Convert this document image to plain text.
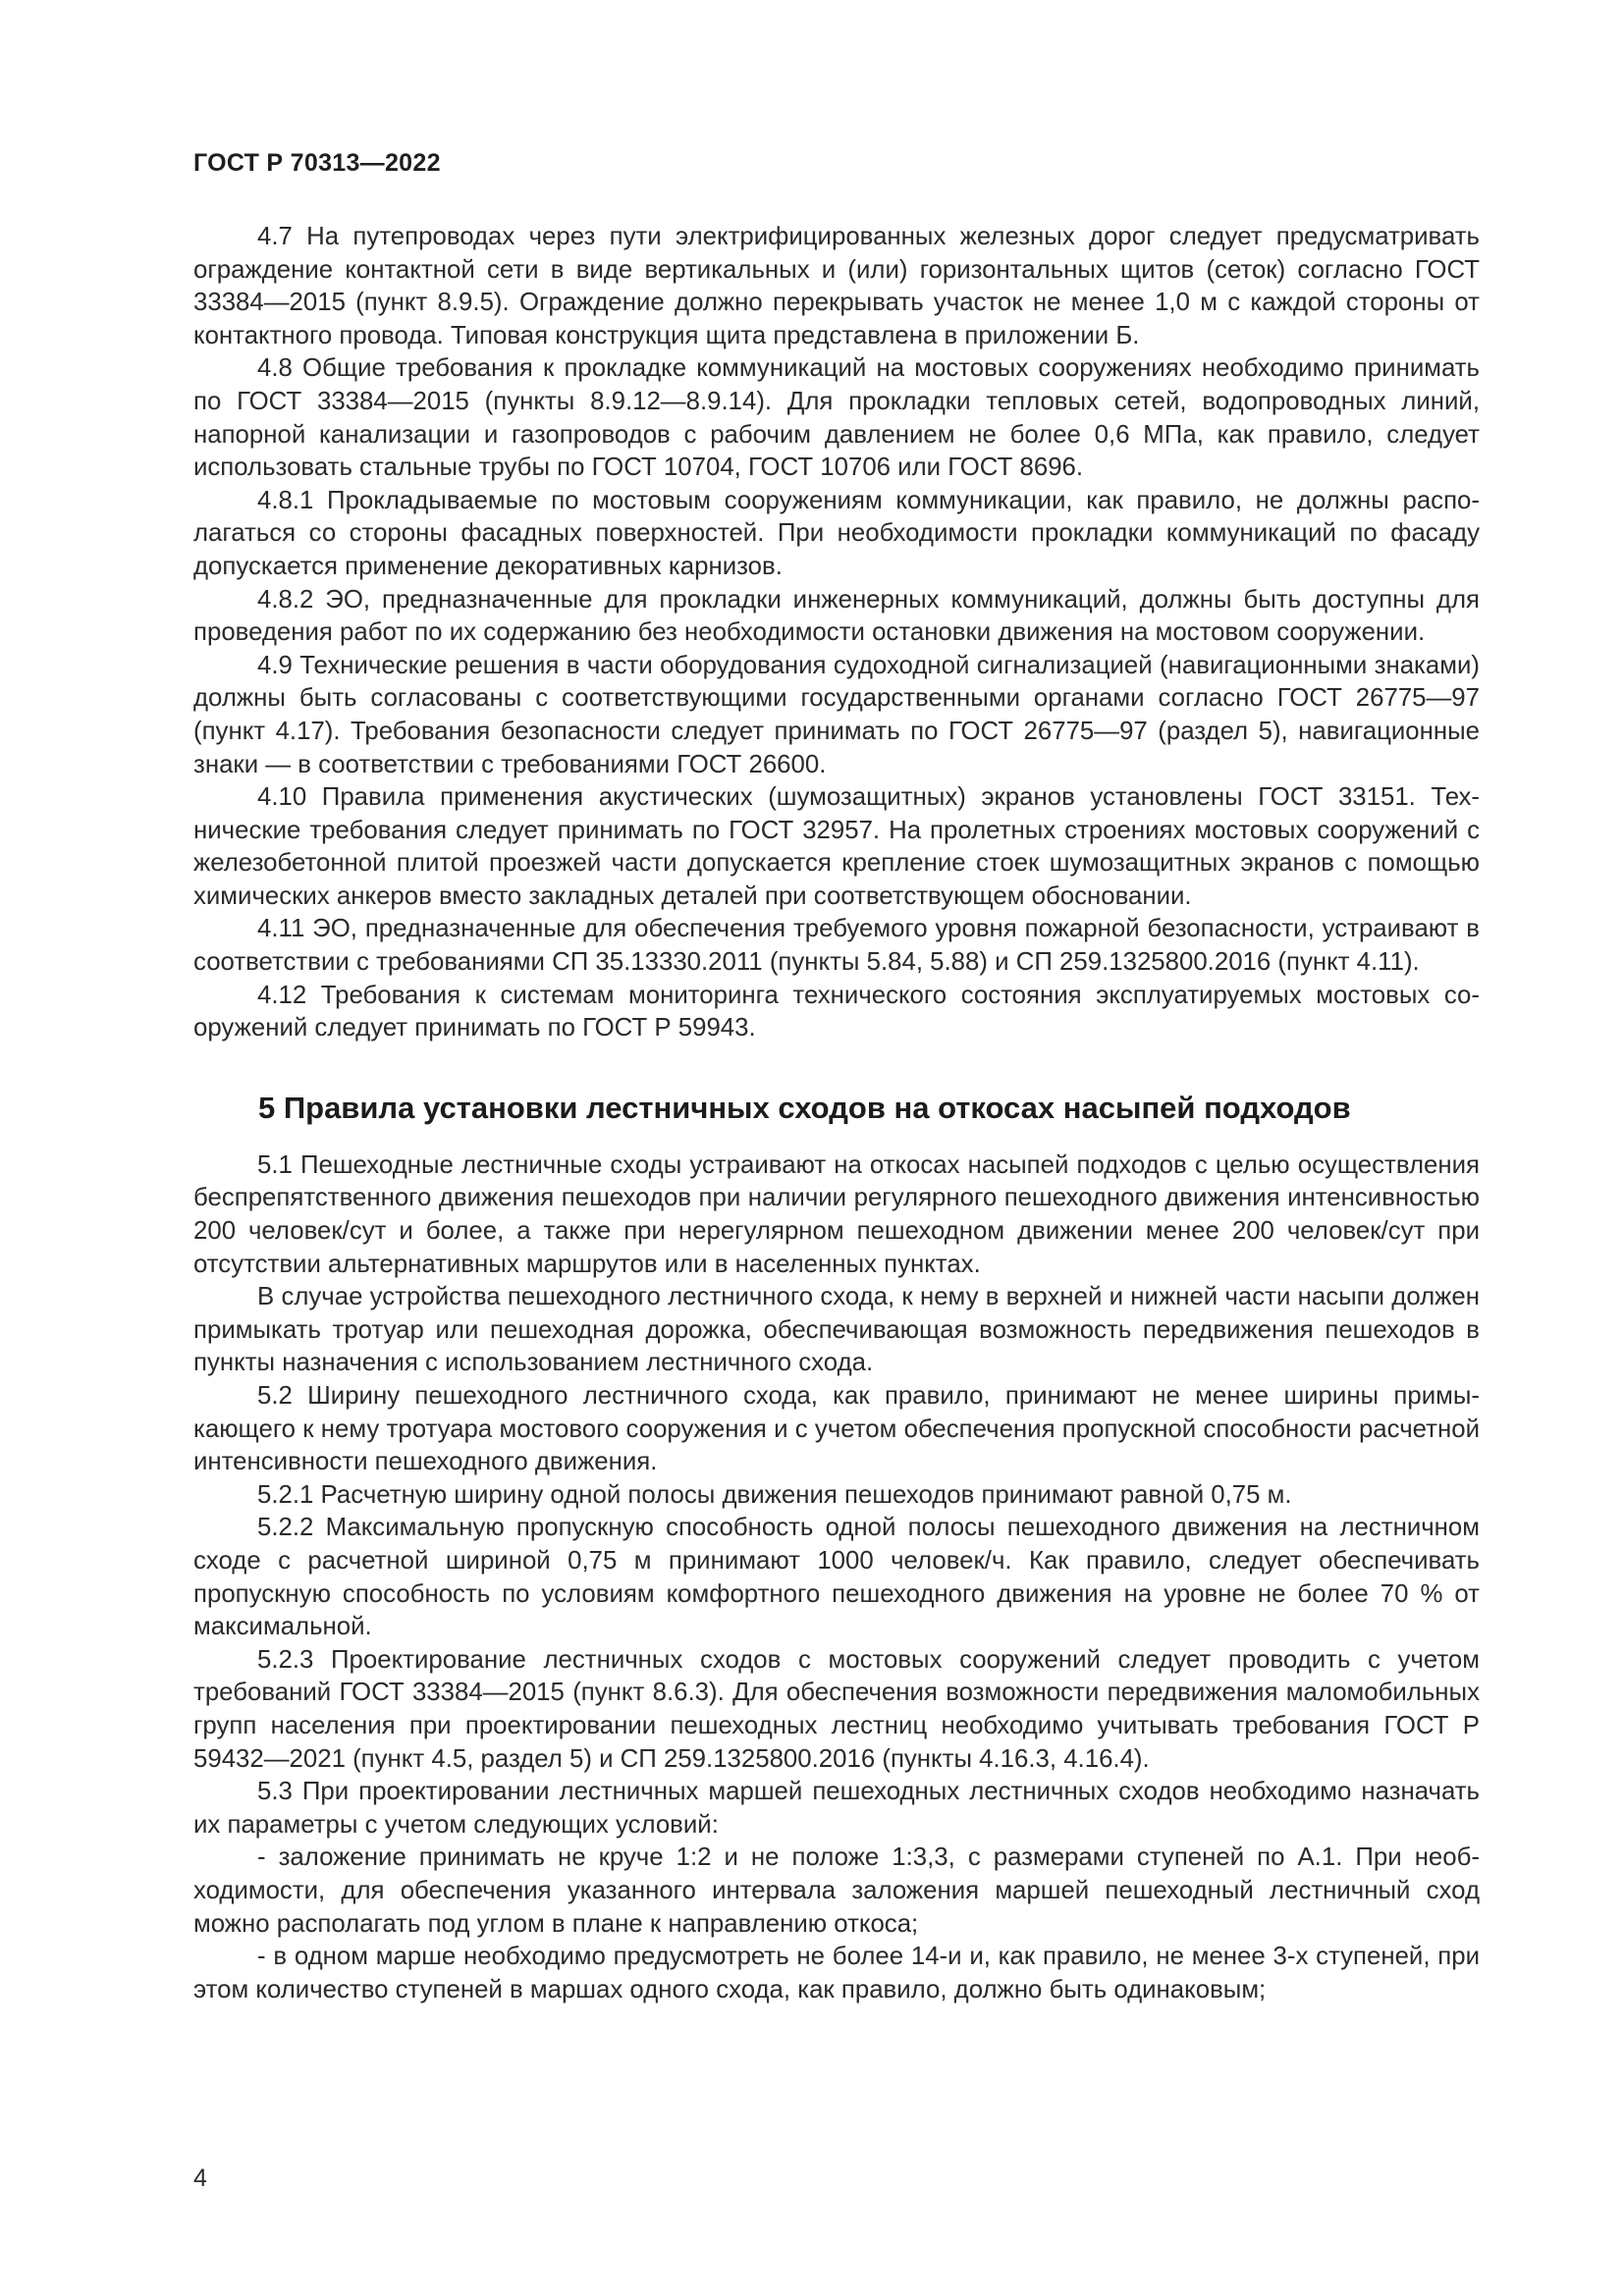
ГОСТ Р 70313—2022

4.7 На путепроводах через пути электрифицированных железных дорог следует предусматривать ограждение контактной сети в виде вертикальных и (или) горизонтальных щитов (сеток) согласно ГОСТ 33384—2015 (пункт 8.9.5). Ограждение должно перекрывать участок не менее 1,0 м с каждой стороны от контактного провода. Типовая конструкция щита представлена в приложении Б.

4.8 Общие требования к прокладке коммуникаций на мостовых сооружениях необходимо принимать по ГОСТ 33384—2015 (пункты 8.9.12—8.9.14). Для прокладки тепловых сетей, водопроводных линий, напорной канализации и газопроводов с рабочим давлением не более 0,6 МПа, как правило, следует использовать стальные трубы по ГОСТ 10704, ГОСТ 10706 или ГОСТ 8696.

4.8.1 Прокладываемые по мостовым сооружениям коммуникации, как правило, не должны располагаться со стороны фасадных поверхностей. При необходимости прокладки коммуникаций по фасаду допускается применение декоративных карнизов.

4.8.2 ЭО, предназначенные для прокладки инженерных коммуникаций, должны быть доступны для проведения работ по их содержанию без необходимости остановки движения на мостовом сооружении.

4.9 Технические решения в части оборудования судоходной сигнализацией (навигационными знаками) должны быть согласованы с соответствующими государственными органами согласно ГОСТ 26775—97 (пункт 4.17). Требования безопасности следует принимать по ГОСТ 26775—97 (раздел 5), навигационные знаки — в соответствии с требованиями ГОСТ 26600.

4.10 Правила применения акустических (шумозащитных) экранов установлены ГОСТ 33151. Технические требования следует принимать по ГОСТ 32957. На пролетных строениях мостовых сооружений с железобетонной плитой проезжей части допускается крепление стоек шумозащитных экранов с помощью химических анкеров вместо закладных деталей при соответствующем обосновании.

4.11 ЭО, предназначенные для обеспечения требуемого уровня пожарной безопасности, устраивают в соответствии с требованиями СП 35.13330.2011 (пункты 5.84, 5.88) и СП 259.1325800.2016 (пункт 4.11).

4.12 Требования к системам мониторинга технического состояния эксплуатируемых мостовых сооружений следует принимать по ГОСТ Р 59943.

5 Правила установки лестничных сходов на откосах насыпей подходов

5.1 Пешеходные лестничные сходы устраивают на откосах насыпей подходов с целью осуществления беспрепятственного движения пешеходов при наличии регулярного пешеходного движения интенсивностью 200 человек/сут и более, а также при нерегулярном пешеходном движении менее 200 человек/сут при отсутствии альтернативных маршрутов или в населенных пунктах.

В случае устройства пешеходного лестничного схода, к нему в верхней и нижней части насыпи должен примыкать тротуар или пешеходная дорожка, обеспечивающая возможность передвижения пешеходов в пункты назначения с использованием лестничного схода.

5.2 Ширину пешеходного лестничного схода, как правило, принимают не менее ширины примыкающего к нему тротуара мостового сооружения и с учетом обеспечения пропускной способности расчетной интенсивности пешеходного движения.

5.2.1 Расчетную ширину одной полосы движения пешеходов принимают равной 0,75 м.

5.2.2 Максимальную пропускную способность одной полосы пешеходного движения на лестничном сходе с расчетной шириной 0,75 м принимают 1000 человек/ч. Как правило, следует обеспечивать пропускную способность по условиям комфортного пешеходного движения на уровне не более 70 % от максимальной.

5.2.3 Проектирование лестничных сходов с мостовых сооружений следует проводить с учетом требований ГОСТ 33384—2015 (пункт 8.6.3). Для обеспечения возможности передвижения маломобильных групп населения при проектировании пешеходных лестниц необходимо учитывать требования ГОСТ Р 59432—2021 (пункт 4.5, раздел 5) и СП 259.1325800.2016 (пункты 4.16.3, 4.16.4).

5.3 При проектировании лестничных маршей пешеходных лестничных сходов необходимо назначать их параметры с учетом следующих условий:

- заложение принимать не круче 1:2 и не положе 1:3,3, с размерами ступеней по А.1. При необходимости, для обеспечения указанного интервала заложения маршей пешеходный лестничный сход можно располагать под углом в плане к направлению откоса;

- в одном марше необходимо предусмотреть не более 14-и и, как правило, не менее 3-х ступеней, при этом количество ступеней в маршах одного схода, как правило, должно быть одинаковым;

4
